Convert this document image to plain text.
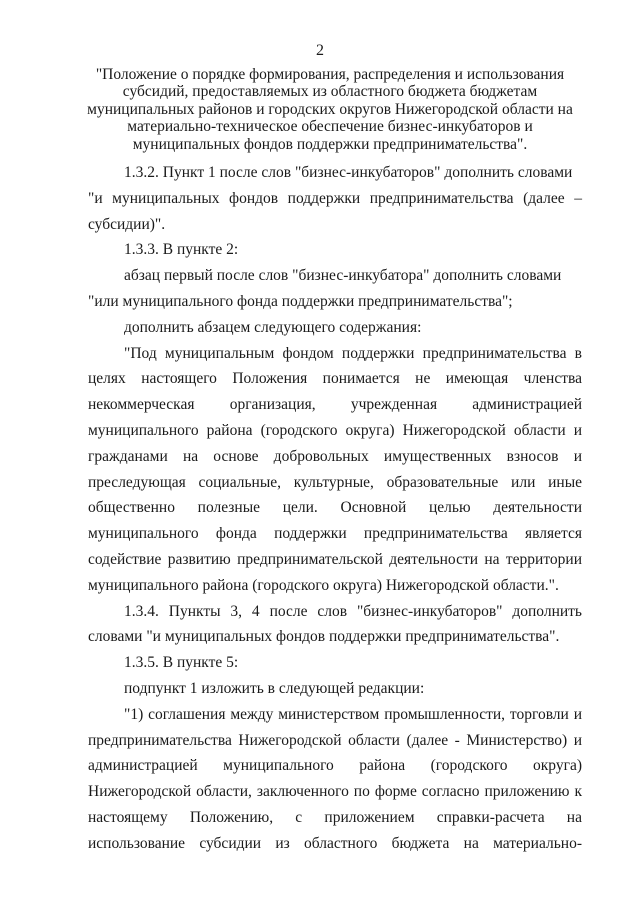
2
"Положение о порядке формирования, распределения и использования
субсидий, предоставляемых из областного бюджета бюджетам
муниципальных районов и городских округов Нижегородской области на
материально-техническое обеспечение бизнес-инкубаторов и
муниципальных фондов поддержки предпринимательства".
1.3.2. Пункт 1 после слов "бизнес-инкубаторов" дополнить словами
"и муниципальных фондов поддержки предпринимательства (далее –
субсидии)".
1.3.3. В пункте 2:
абзац первый после слов "бизнес-инкубатора" дополнить словами
"или муниципального фонда поддержки предпринимательства";
дополнить абзацем следующего содержания:
"Под муниципальным фондом поддержки предпринимательства в
целях настоящего Положения понимается не имеющая членства
некоммерческая организация, учрежденная администрацией
муниципального района (городского округа) Нижегородской области и
гражданами на основе добровольных имущественных взносов и
преследующая социальные, культурные, образовательные или иные
общественно полезные цели. Основной целью деятельности
муниципального фонда поддержки предпринимательства является
содействие развитию предпринимательской деятельности на территории
муниципального района (городского округа) Нижегородской области.".
1.3.4. Пункты 3, 4 после слов "бизнес-инкубаторов" дополнить
словами "и муниципальных фондов поддержки предпринимательства".
1.3.5. В пункте 5:
подпункт 1 изложить в следующей редакции:
"1) соглашения между министерством промышленности, торговли и
предпринимательства Нижегородской области (далее - Министерство) и
администрацией муниципального района (городского округа)
Нижегородской области, заключенного по форме согласно приложению к
настоящему Положению, с приложением справки-расчета на
использование субсидии из областного бюджета на материально-
